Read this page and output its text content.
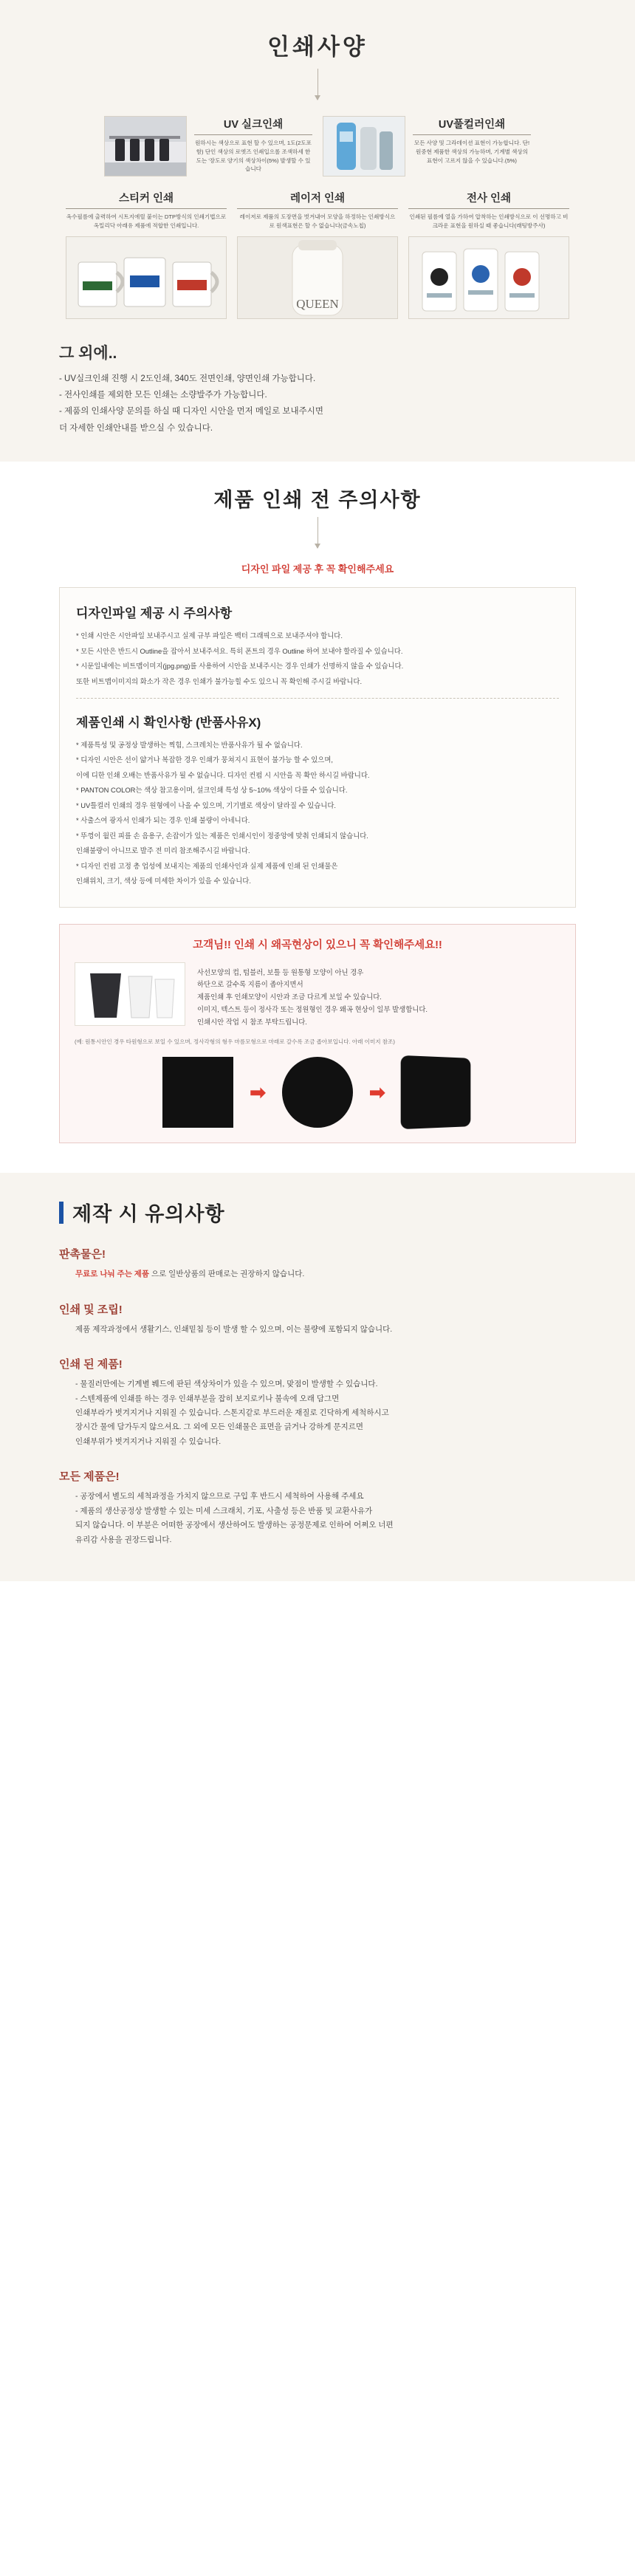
인쇄사양
UV 실크인쇄
원하시는 색상으로 표현 할 수 있으며, 1도(2도포함) 단인 색상의 로엣즈 인쇄입으롤 조색하세 한도는 '장도로 양기의 색상차이(5%) 발생할 수 있습니다
UV풀컬러인쇄
모든 사양 및 그라데이션 표현이 가능합니다. 단! 원중현 제품한 색상의 가능하며, 기계별 색상의 표현이 고르지 않을 수 있습니다.(5%)
스티커 인쇄
옥수필름에 출력하여 시트지에릴 붙이는 DTP방식의 인쇄기법으로 옥밀리닥 아래유 제품에 적합한 인쇄입니다.
레이저 인쇄
레이저로 제품의 도장면을 벗겨내어 모양을 하정하는 인쇄방식으로 원색표현은 할 수 없습니다(금속노칩)
QUEEN
전사 인쇄
인쇄된 필름에 열을 가하여 압착하는 인쇄방식으로 이 선명하고 비크라운 표현을 원하실 때 좋습니다(래팅방주사)
그 외에..
- UV실크인쇄 진행 시 2도인쇄, 340도 전면인쇄, 양면인쇄 가능합니다.
- 전사인쇄를 제외한 모든 인쇄는 소량발주가 가능합니다.
- 제품의 인쇄사양 문의를 하실 때 디자인 시안을 먼저 메일로 보내주시면
더 자세한 인쇄안내를 받으실 수 있습니다.
제품 인쇄 전 주의사항
디자인 파일 제공 후 꼭 확인해주세요
디자인파일 제공 시 주의사항
* 인쇄 시안은 시안파일 보내주시고 실제 규부 파일은 백터 그래픽으로 보내주셔야 합니다.
* 모든 시안은 반드시 Outline을 잡아서 보내주셔요. 특히 폰트의 경우 Outline 하여 보내야 할라질 수 있습니다.
* 시문일내에는 비트맵이미지(jpg.png)를 사용하여 시안을 보내주시는 경우 인쇄가 선명하지 않을 수 있습니다.
또한 비트맵이미지의 화소가 작은 경우 인쇄가 불가능힐 수도 있으니 꼭 확인해 주시길 바랍니다.
제품인쇄 시 확인사항 (반품사유X)
* 제품특성 및 공정상 발생하는 찍힘, 스크레치는 반품사유가 될 수 없습니다.
* 디자인 시안은 선이 얇거나 복잡한 경우 인쇄가 뭉쳐지시 표현이 불가능 할 수 있으며,
이에 디한 인쇄 오배는 반품사유가 될 수 없습니다. 디자인 컨펌 시 시안을 꼭 확안 하시길 바랍니다.
* PANTON COLOR는 색상 참고용이며, 설크인쇄 특성 상 5~10% 색상이 다를 수 있습니다.
* UV틀컬러 인쇄의 경우 원형에이 나올 수 있으며, 기기별로 색상이 달라질 수 있습니다.
* 사출스여 광자서 인쇄가 되는 경우 인쇄 불량이 아네니다.
* 뚜껑이 월린 피를 손 음용구, 손잡이가 있는 제품은 인쇄시인이 정중앙에 맞춰 인쇄되지 않습니다.
인쇄불량이 아니므로 발주 전 미리 참조해주시길 바랍니다.
* 디자인 컨펌 고정 총 업성에 보내지는 제품의 인쇄사인과 실제 제품에 인쇄 된 인쇄물은
인쇄위치, 크기, 색상 등에 미세한 차이가 있을 수 있습니다.
고객님!! 인쇄 시 왜곡현상이 있으니 꼭 확인해주세요!!
사선모양의 컵, 텀블러, 보틀 등 원통형 모양이 아닌 경우
하단으로 갈수록 지름이 좁아지면서
제품인쇄 후 인쇄모양이 시안과 조금 다르게 보일 수 있습니다.
이미지, 텍스트 등이 정사각 또는 정원형인 경우 왜곡 현상이 일부 발생합니다.
인쇄시안 작업 시 참조 부탁드립니다.
(예: 원통시안인 경우 타원형으로 보일 수 있으며, 정사각형의 형우 마름모형으로 마래로 갈수록 조금 좁아보입니다. 아래 이미지 참조)
➡	➡
제작 시 유의사항
판촉물은!
무료로 나눠 주는 제품 으로 일반상품의 판매로는 권장하지 않습니다.
인쇄 및 조립!
제품 제작과정에서 생활기스, 인쇄밑침 등이 발생 할 수 있으며, 이는 불량에 포함되지 않습니다.
인쇄 된 제품!
- 물질러만에는 기계별 붸드에 판된 색상차이가 있을 수 있으며, 맞점이 발생할 수 있습니다.
- 스텐제품에 인쇄를 하는 경우 인쇄부분을 잡히 보지로키나 불속에 오래 담그면
인쇄부라가 벗겨지거나 지워질 수 있습니다. 스톤지같로 부드러운 재질로 긴닥하게 세척하시고
장시간 물에 담가두지 않으셔요. 그 외에 모든 인쇄물은 표면을 긁거나 강하게 문지르면
인쇄부위가 벗겨지거나 지워질 수 있습니다.
모든 제품은!
- 공장에서 별도의 세척과정을 가치지 않으므로 구입 후 반드시 세척하여 사용해 주세요
- 제품의 생산공정상 발생할 수 있는 미세 스크래치, 기포, 사출성 등은 반품 및 교환사유가
되지 않습니다. 이 부분은 어떠한 공장에서 생산하여도 발생하는 공정문제로 인하여 어쩌오 너편
유리감 사용을 권장드립니다.
